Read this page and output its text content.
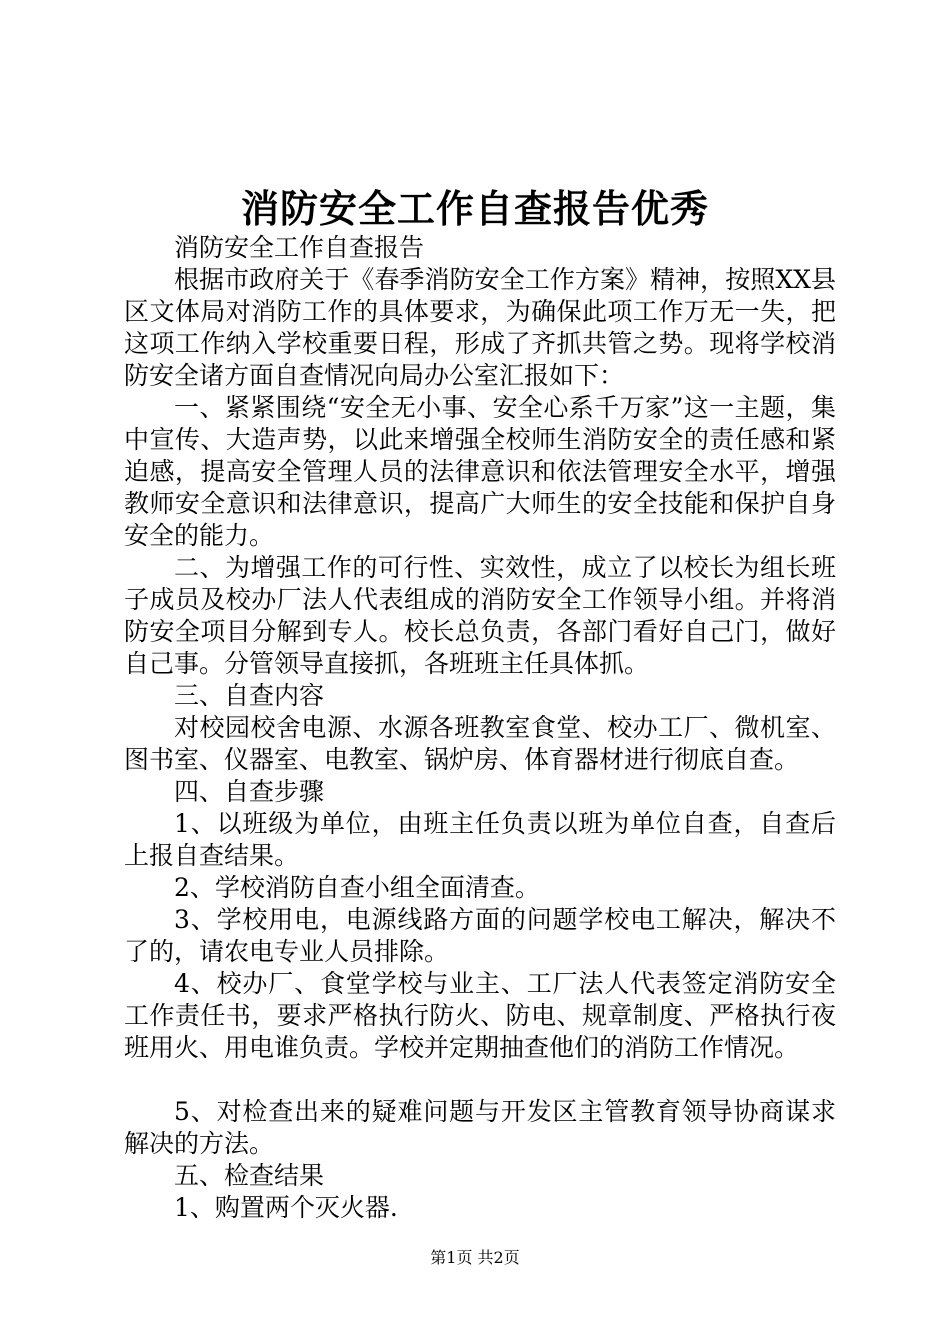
消防安全工作自查报告优秀

消防安全工作自查报告

根据市政府关于《春季消防安全工作方案》精神，按照XX县区文体局对消防工作的具体要求，为确保此项工作万无一失，把这项工作纳入学校重要日程，形成了齐抓共管之势。现将学校消防安全诸方面自查情况向局办公室汇报如下：

一、紧紧围绕“安全无小事、安全心系千万家”这一主题，集中宣传、大造声势，以此来增强全校师生消防安全的责任感和紧迫感，提高安全管理人员的法律意识和依法管理安全水平，增强教师安全意识和法律意识，提高广大师生的安全技能和保护自身安全的能力。

二、为增强工作的可行性、实效性，成立了以校长为组长班子成员及校办厂法人代表组成的消防安全工作领导小组。并将消防安全项目分解到专人。校长总负责，各部门看好自己门，做好自己事。分管领导直接抓，各班班主任具体抓。

三、自查内容

对校园校舍电源、水源各班教室食堂、校办工厂、微机室、图书室、仪器室、电教室、锅炉房、体育器材进行彻底自查。

四、自查步骤

1、以班级为单位，由班主任负责以班为单位自查，自查后上报自查结果。

2、学校消防自查小组全面清查。

3、学校用电，电源线路方面的问题学校电工解决，解决不了的，请农电专业人员排除。

4、校办厂、食堂学校与业主、工厂法人代表签定消防安全工作责任书，要求严格执行防火、防电、规章制度、严格执行夜班用火、用电谁负责。学校并定期抽查他们的消防工作情况。

5、对检查出来的疑难问题与开发区主管教育领导协商谋求解决的方法。

五、检查结果

1、购置两个灭火器.

第1页 共2页
